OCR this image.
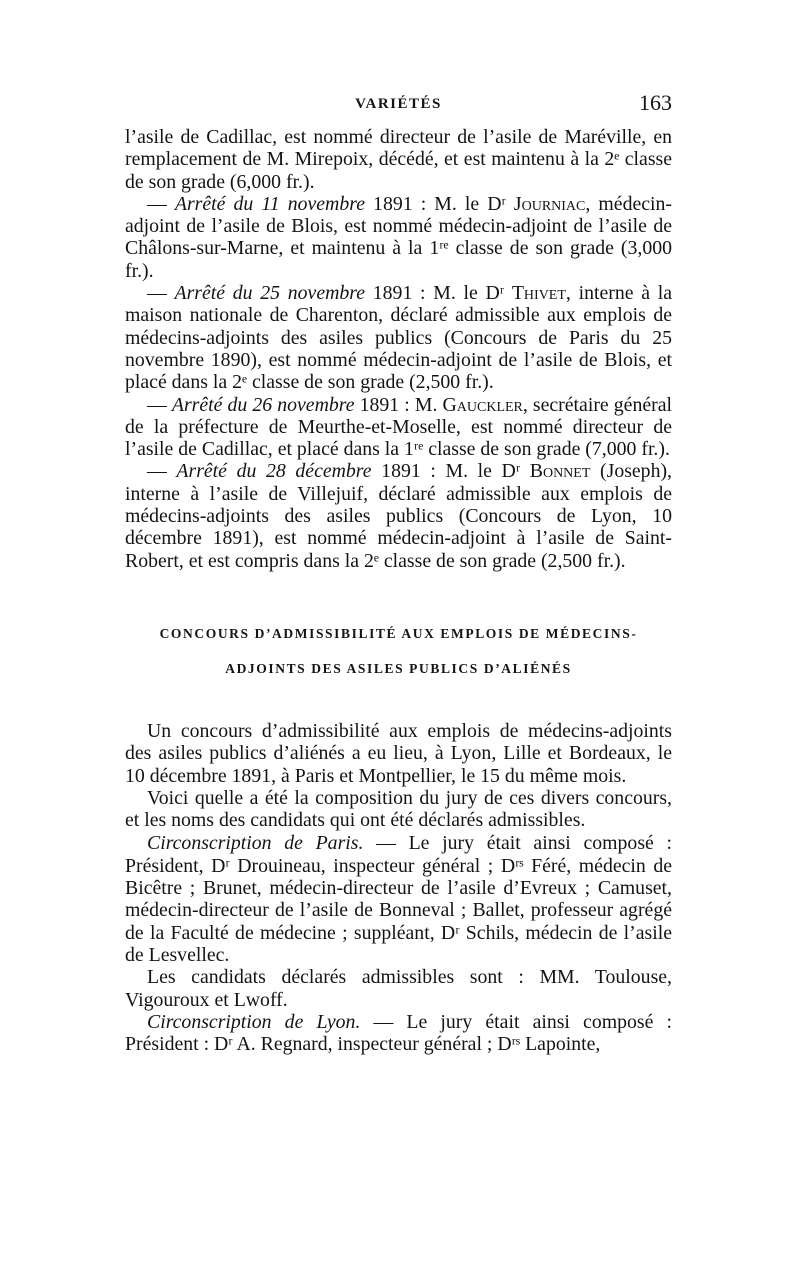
VARIÉTÉS	163

l’asile de Cadillac, est nommé directeur de l’asile de Maréville, en remplacement de M. Mirepoix, décédé, et est maintenu à la 2ᵉ classe de son grade (6,000 fr.).

— Arrêté du 11 novembre 1891 : M. le Dʳ Journiac, médecin-adjoint de l’asile de Blois, est nommé médecin-adjoint de l’asile de Châlons-sur-Marne, et maintenu à la 1ʳᵉ classe de son grade (3,000 fr.).

— Arrêté du 25 novembre 1891 : M. le Dʳ Thivet, interne à la maison nationale de Charenton, déclaré admissible aux emplois de médecins-adjoints des asiles publics (Concours de Paris du 25 novembre 1890), est nommé médecin-adjoint de l’asile de Blois, et placé dans la 2ᵉ classe de son grade (2,500 fr.).

— Arrêté du 26 novembre 1891 : M. Gauckler, secrétaire général de la préfecture de Meurthe-et-Moselle, est nommé directeur de l’asile de Cadillac, et placé dans la 1ʳᵉ classe de son grade (7,000 fr.).

— Arrêté du 28 décembre 1891 : M. le Dʳ Bonnet (Joseph), interne à l’asile de Villejuif, déclaré admissible aux emplois de médecins-adjoints des asiles publics (Concours de Lyon, 10 décembre 1891), est nommé médecin-adjoint à l’asile de Saint-Robert, et est compris dans la 2ᵉ classe de son grade (2,500 fr.).

CONCOURS D’ADMISSIBILITÉ AUX EMPLOIS DE MÉDECINS-
ADJOINTS DES ASILES PUBLICS D’ALIÉNÉS

Un concours d’admissibilité aux emplois de médecins-adjoints des asiles publics d’aliénés a eu lieu, à Lyon, Lille et Bordeaux, le 10 décembre 1891, à Paris et Montpellier, le 15 du même mois.

Voici quelle a été la composition du jury de ces divers concours, et les noms des candidats qui ont été déclarés admissibles.

Circonscription de Paris. — Le jury était ainsi composé : Président, Dʳ Drouineau, inspecteur général ; Dʳˢ Féré, médecin de Bicêtre ; Brunet, médecin-directeur de l’asile d’Evreux ; Camuset, médecin-directeur de l’asile de Bonneval ; Ballet, professeur agrégé de la Faculté de médecine ; suppléant, Dʳ Schils, médecin de l’asile de Lesvellec.

Les candidats déclarés admissibles sont : MM. Toulouse, Vigouroux et Lwoff.

Circonscription de Lyon. — Le jury était ainsi composé : Président : Dʳ A. Regnard, inspecteur général ; Dʳˢ Lapointe,
